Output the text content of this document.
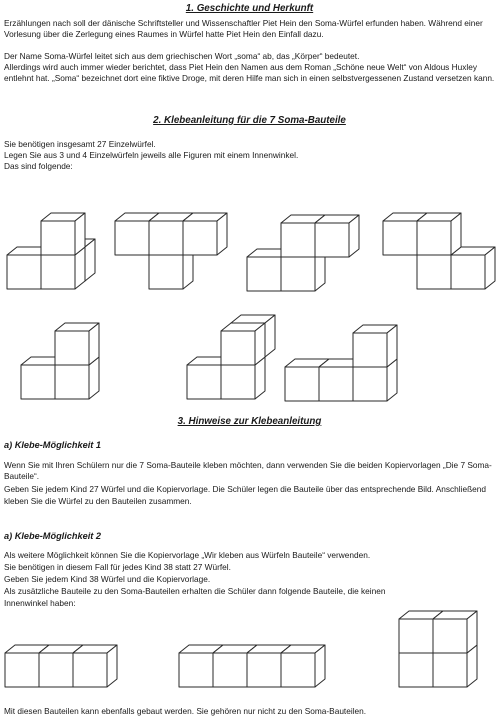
1. Geschichte und Herkunft

Erzählungen nach soll der dänische Schriftsteller und Wissenschaftler Piet Hein den Soma-Würfel erfunden haben. Während einer

Vorlesung über die Zerlegung eines Raumes in Würfel hatte Piet Hein den Einfall dazu.

Der Name Soma-Würfel leitet sich aus dem griechischen Wort „soma“ ab, das „Körper“ bedeutet.

Allerdings wird auch immer wieder berichtet, dass Piet Hein den Namen aus dem Roman „Schöne neue Welt“ von Aldous Huxley

entlehnt hat. „Soma“ bezeichnet dort eine fiktive Droge, mit deren Hilfe man sich in einen selbstvergessenen Zustand versetzen kann.

2. Klebeanleitung für die 7 Soma-Bauteile

Sie benötigen insgesamt 27 Einzelwürfel.

Legen Sie aus 3 und 4 Einzelwürfeln jeweils alle Figuren mit einem Innenwinkel.

Das sind folgende:

3. Hinweise zur Klebeanleitung

a) Klebe-Möglichkeit 1

Wenn Sie mit Ihren Schülern nur die 7 Soma-Bauteile kleben möchten, dann verwenden Sie die beiden Kopiervorlagen „Die 7 Soma-

Bauteile“.

Geben Sie jedem Kind 27 Würfel und die Kopiervorlage. Die Schüler legen die Bauteile über das entsprechende Bild. Anschließend

kleben Sie die Würfel zu den Bauteilen zusammen.

a) Klebe-Möglichkeit 2

Als weitere Möglichkeit können Sie die Kopiervorlage „Wir kleben aus Würfeln Bauteile“ verwenden.

Sie benötigen in diesem Fall für jedes Kind 38 statt 27 Würfel.

Geben Sie jedem Kind 38 Würfel und die Kopiervorlage.

Als zusätzliche Bauteile zu den Soma-Bauteilen erhalten die Schüler dann folgende Bauteile, die keinen

Innenwinkel haben:

Mit diesen Bauteilen kann ebenfalls gebaut werden. Sie gehören nur nicht zu den Soma-Bauteilen.
